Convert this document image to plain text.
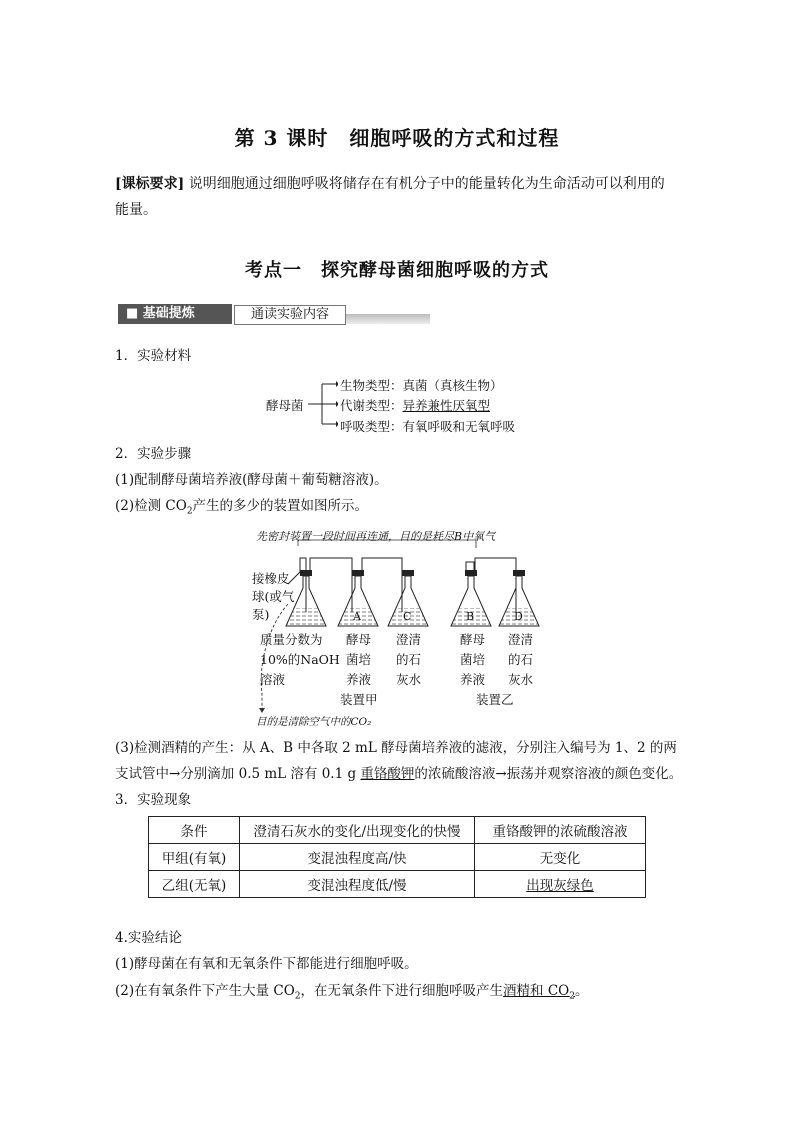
第 3 课时　细胞呼吸的方式和过程
[课标要求] 说明细胞通过细胞呼吸将储存在有机分子中的能量转化为生命活动可以利用的
能量。
考点一　探究酵母菌细胞呼吸的方式
■ 基础提炼	通读实验内容
1．实验材料
酵母菌
生物类型：真菌（真核生物）
代谢类型：异养兼性厌氧型
呼吸类型：有氧呼吸和无氧呼吸
2．实验步骤
(1)配制酵母菌培养液(酵母菌＋葡萄糖溶液)。
(2)检测 $CO_2$产生的多少的装置如图所示。
先密封装置一段时间再连通，目的是耗尽B中氧气
接橡皮
球(或气
泵)	A	C	B	D
质量分数为
10%的NaOH
溶液
酵母
菌培
养液
澄清
的石
灰水
酵母
菌培
养液
澄清
的石
灰水
装置甲	装置乙
目的是清除空气中的CO₂
(3)检测酒精的产生：从 A、B 中各取 2 mL 酵母菌培养液的滤液，分别注入编号为 1、2 的两
支试管中→分别滴加 0.5 mL 溶有 0.1 g 重铬酸钾的浓硫酸溶液→振荡并观察溶液的颜色变化。
3．实验现象
条件	澄清石灰水的变化/出现变化的快慢	重铬酸钾的浓硫酸溶液
甲组(有氧)	变混浊程度高/快	无变化
乙组(无氧)	变混浊程度低/慢	出现灰绿色
4.实验结论
(1)酵母菌在有氧和无氧条件下都能进行细胞呼吸。
(2)在有氧条件下产生大量 $CO_2$，在无氧条件下进行细胞呼吸产生酒精和 $CO_2$。
